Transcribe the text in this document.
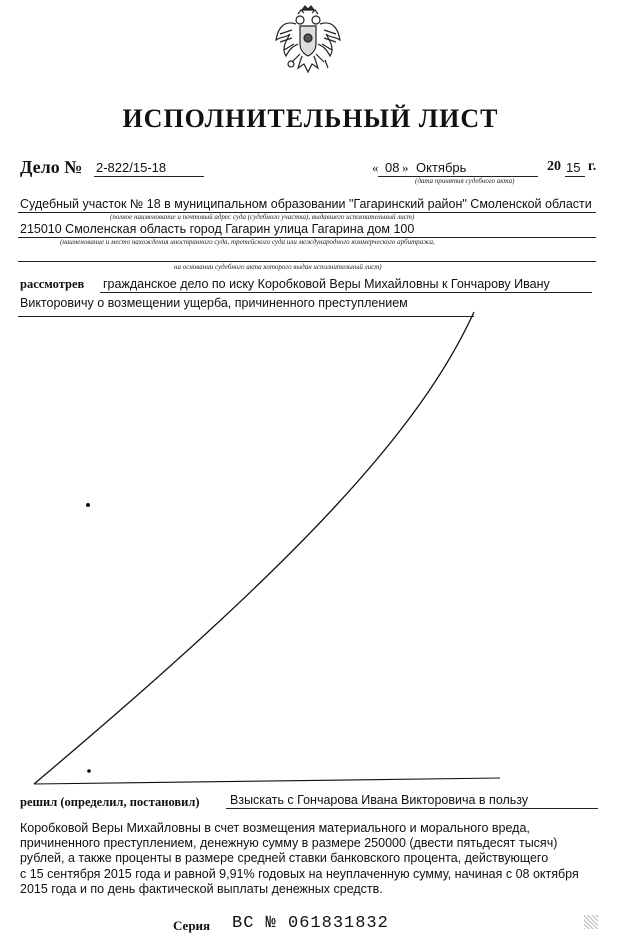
ИСПОЛНИТЕЛЬНЫЙ ЛИСТ
Дело № 2-822/15-18	« 08 » Октябрь	20 15 г.
(дата принятия судебного акта)
Судебный участок № 18 в муниципальном образовании "Гагаринский район" Смоленской области
(полное наименование и почтовый адрес суда (судебного участка), выдавшего исполнительный лист)
215010 Смоленская область город Гагарин улица Гагарина дом 100
(наименование и место нахождения иностранного суда, третейского суда или международного коммерческого арбитража,
на основании судебного акта которого выдан исполнительный лист)
рассмотрев гражданское дело по иску Коробковой Веры Михайловны к Гончарову Ивану
Викторовичу о возмещении ущерба, причиненного преступлением
решил (определил, постановил) Взыскать с Гончарова Ивана Викторовича в пользу
Коробковой Веры Михайловны в счет возмещения материального и морального вреда,
причиненного преступлением, денежную сумму в размере 250000 (двести пятьдесят тысяч)
рублей, а также проценты в размере средней ставки банковского процента, действующего
с 15 сентября 2015 года и равной 9,91% годовых на неуплаченную сумму, начиная с 08 октября
2015 года и по день фактической выплаты денежных средств.
Серия ВС № 061831832
